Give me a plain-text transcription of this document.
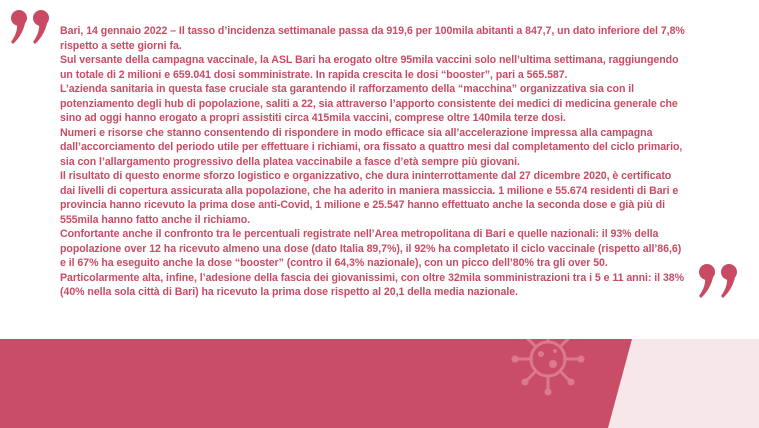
Bari, 14 gennaio 2022 – Il tasso d’incidenza settimanale passa da 919,6 per 100mila abitanti a 847,7, un dato inferiore del 7,8% rispetto a sette giorni fa.

Sul versante della campagna vaccinale, la ASL Bari ha erogato oltre 95mila vaccini solo nell’ultima settimana, raggiungendo un totale di 2 milioni e 659.041 dosi somministrate. In rapida crescita le dosi “booster”, pari a 565.587.

L’azienda sanitaria in questa fase cruciale sta garantendo il rafforzamento della “macchina” organizzativa sia con il potenziamento degli hub di popolazione, saliti a 22, sia attraverso l’apporto consistente dei medici di medicina generale che sino ad oggi hanno erogato a propri assistiti circa 415mila vaccini, comprese oltre 140mila terze dosi.

Numeri e risorse che stanno consentendo di rispondere in modo efficace sia all’accelerazione impressa alla campagna dall’accorciamento del periodo utile per effettuare i richiami, ora fissato a quattro mesi dal completamento del ciclo primario, sia con l’allargamento progressivo della platea vaccinabile a fasce d’età sempre più giovani.

Il risultato di questo enorme sforzo logistico e organizzativo, che dura ininterrottamente dal 27 dicembre 2020, è certificato dai livelli di copertura assicurata alla popolazione, che ha aderito in maniera massiccia. 1 milione e 55.674 residenti di Bari e provincia hanno ricevuto la prima dose anti-Covid, 1 milione e 25.547 hanno effettuato anche la seconda dose e già più di 555mila hanno fatto anche il richiamo.

Confortante anche il confronto tra le percentuali registrate nell’Area metropolitana di Bari e quelle nazionali: il 93% della popolazione over 12 ha ricevuto almeno una dose (dato Italia 89,7%), il 92% ha completato il ciclo vaccinale (rispetto all’86,6) e il 67% ha eseguito anche la dose “booster” (contro il 64,3% nazionale), con un picco dell’80% tra gli over 50. Particolarmente alta, infine, l’adesione della fascia dei giovanissimi, con oltre 32mila somministrazioni tra i 5 e 11 anni: il 38% (40% nella sola città di Bari) ha ricevuto la prima dose rispetto al 20,1 della media nazionale.
